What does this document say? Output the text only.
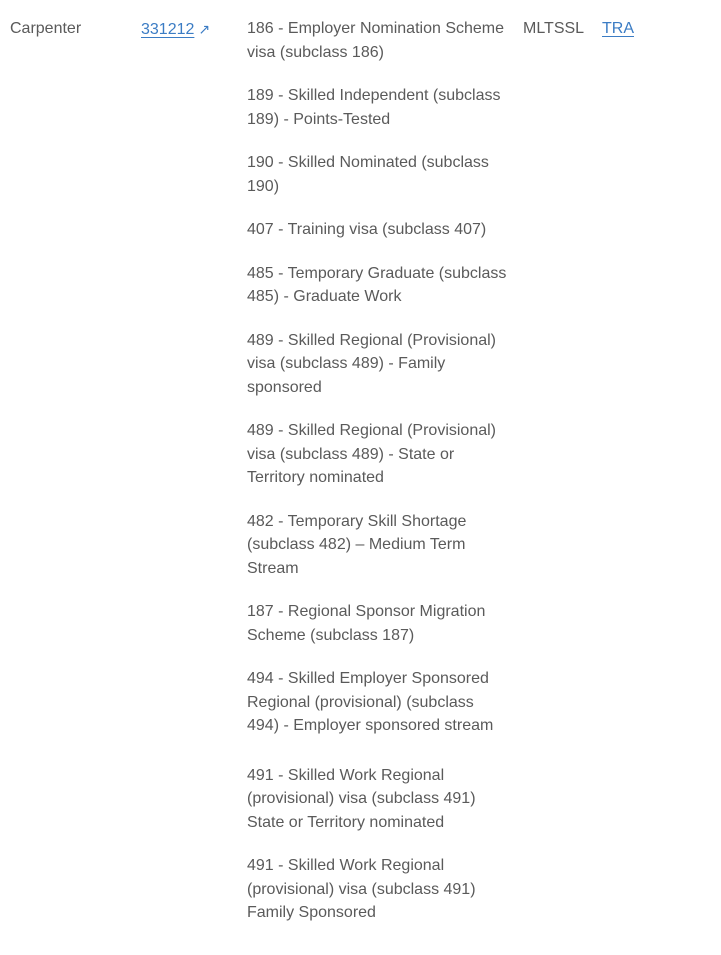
Carpenter	331212 ↗ 186 - Employer Nomination Scheme visa (subclass 186)
189 - Skilled Independent (subclass 189) - Points-Tested
190 - Skilled Nominated (subclass 190)
407 - Training visa (subclass 407)
485 - Temporary Graduate (subclass 485) - Graduate Work
489 - Skilled Regional (Provisional) visa (subclass 489) - Family sponsored
489 - Skilled Regional (Provisional) visa (subclass 489) - State or Territory nominated
482 - Temporary Skill Shortage (subclass 482) – Medium Term Stream
187 - Regional Sponsor Migration Scheme (subclass 187)
494 - Skilled Employer Sponsored Regional (provisional) (subclass 494) - Employer sponsored stream
491 - Skilled Work Regional (provisional) visa (subclass 491) State or Territory nominated
491 - Skilled Work Regional (provisional) visa (subclass 491) Family Sponsored
MLTSSL TRA
